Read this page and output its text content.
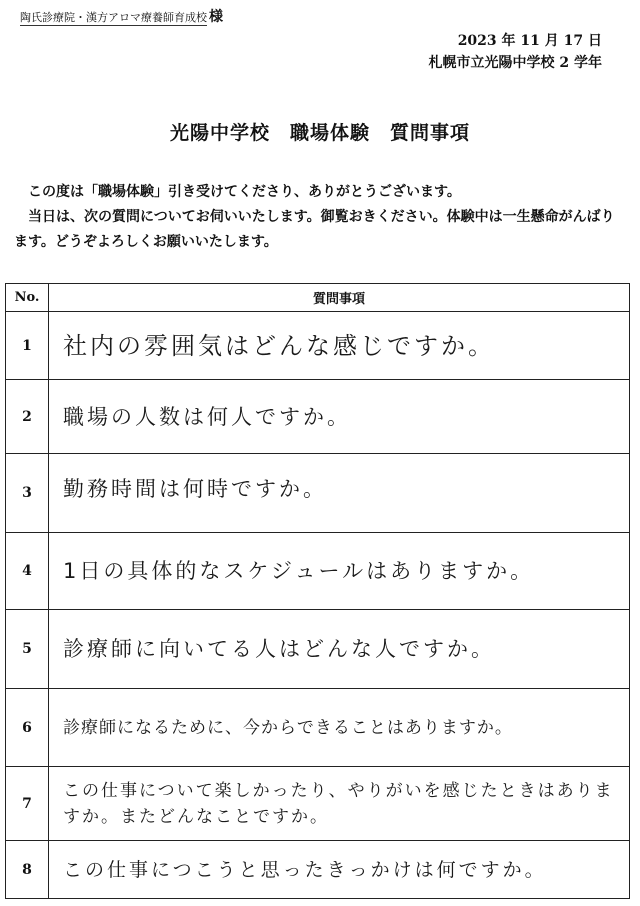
陶氏診療院・漢方アロマ療養師育成校 様
2023 年 11 月 17 日
札幌市立光陽中学校 2 学年
光陽中学校　職場体験　質問事項

この度は「職場体験」引き受けてくださり、ありがとうございます。

当日は、次の質問についてお伺いいたします。御覧おきください。体験中は一生懸命がんばります。どうぞよろしくお願いいたします。

No.	質問事項
1	社内の雰囲気はどんな感じですか。
2	職場の人数は何人ですか。
3	勤務時間は何時ですか。
4	1日の具体的なスケジュールはありますか。
5	診療師に向いてる人はどんな人ですか。
6	診療師になるために、今からできることはありますか。
7	この仕事について楽しかったり、やりがいを感じたときはありますか。またどんなことですか。
8	この仕事につこうと思ったきっかけは何ですか。
